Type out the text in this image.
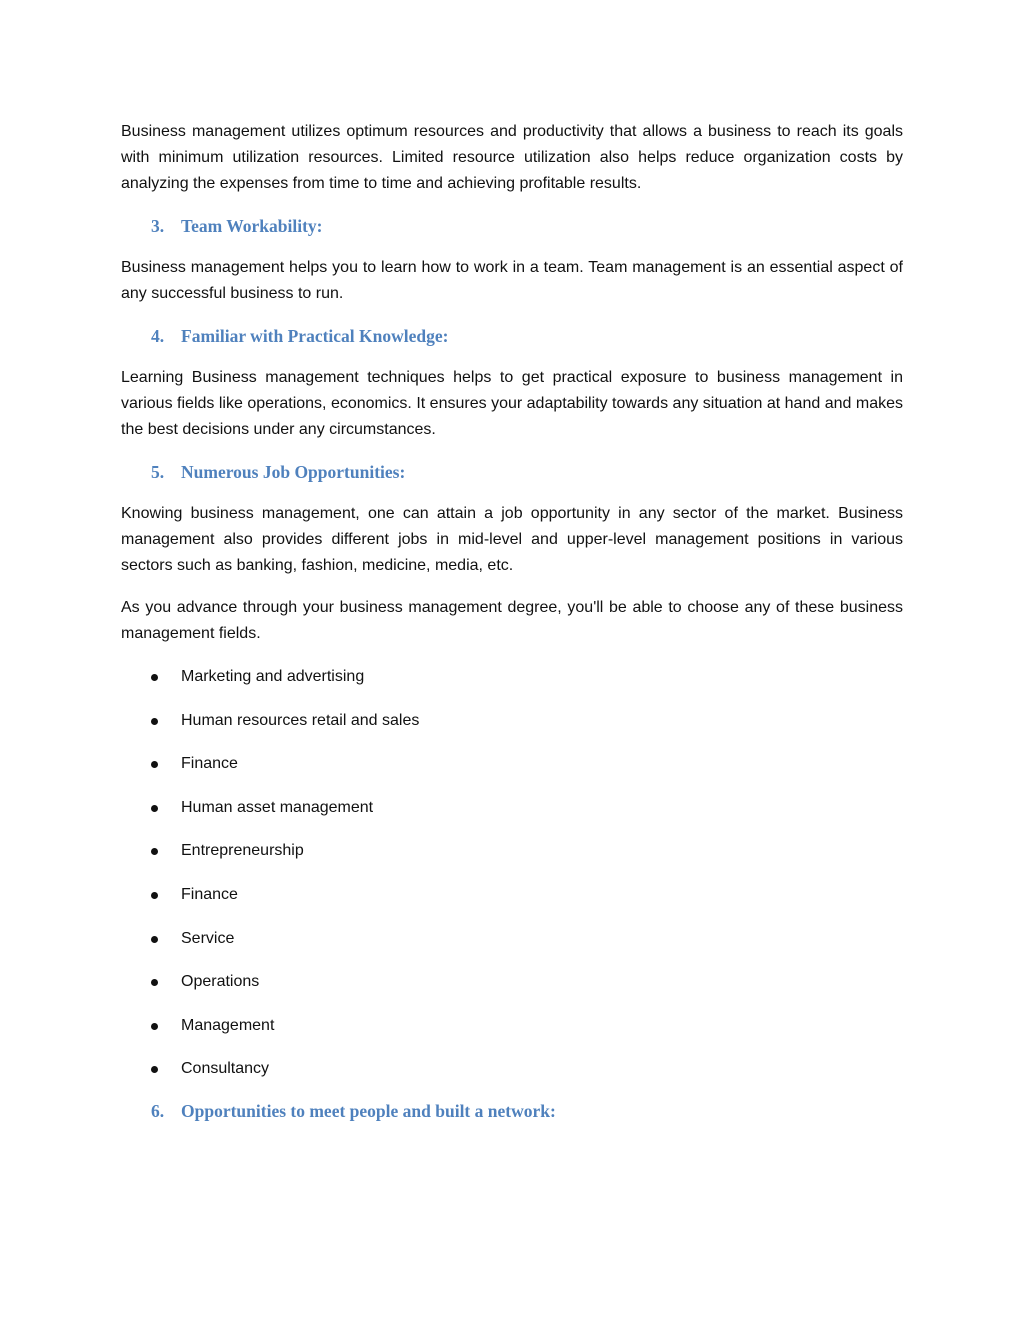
Business management utilizes optimum resources and productivity that allows a business to reach its goals with minimum utilization resources. Limited resource utilization also helps reduce organization costs by analyzing the expenses from time to time and achieving profitable results.

3. Team Workability:

Business management helps you to learn how to work in a team. Team management is an essential aspect of any successful business to run.

4. Familiar with Practical Knowledge:

Learning Business management techniques helps to get practical exposure to business management in various fields like operations, economics. It ensures your adaptability towards any situation at hand and makes the best decisions under any circumstances.

5. Numerous Job Opportunities:

Knowing business management, one can attain a job opportunity in any sector of the market. Business management also provides different jobs in mid-level and upper-level management positions in various sectors such as banking, fashion, medicine, media, etc.

As you advance through your business management degree, you'll be able to choose any of these business management fields.

Marketing and advertising
Human resources retail and sales
Finance
Human asset management
Entrepreneurship
Finance
Service
Operations
Management
Consultancy
6. Opportunities to meet people and built a network:
